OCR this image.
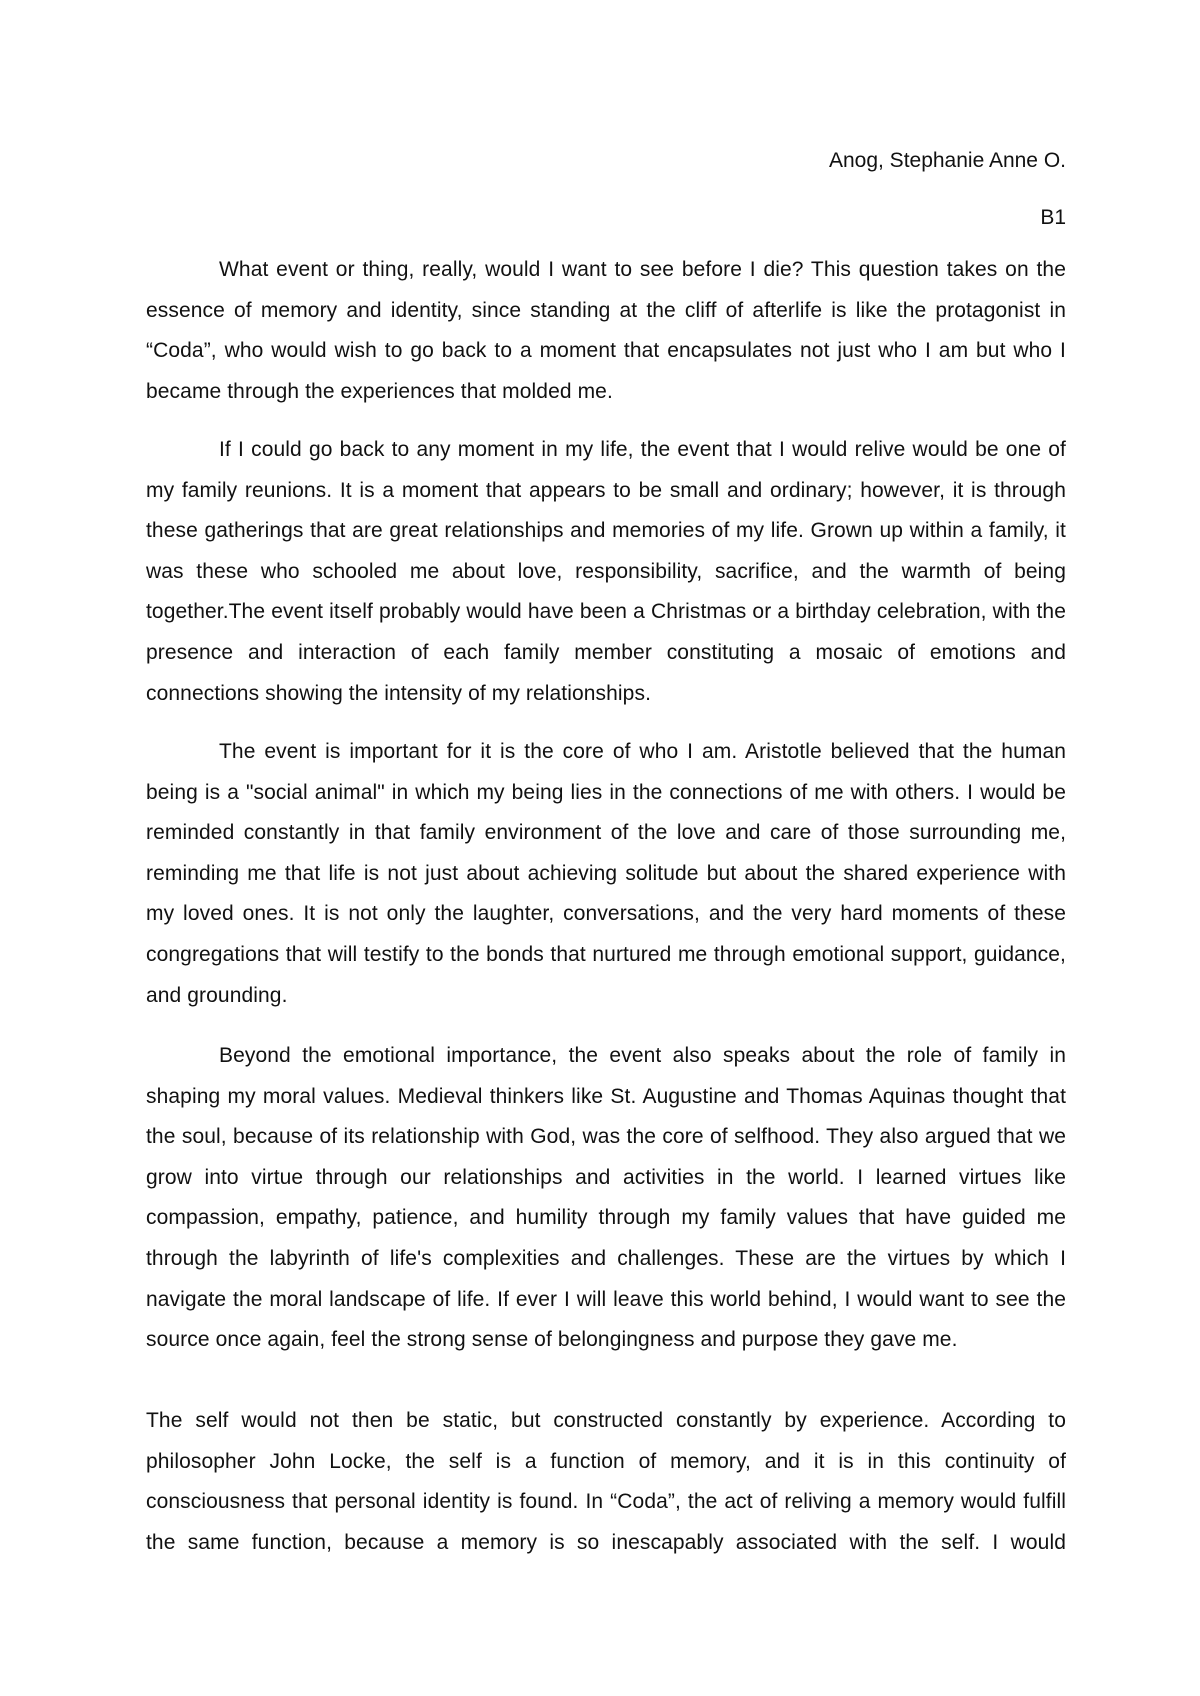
Anog, Stephanie Anne O.
B1

What event or thing, really, would I want to see before I die? This question takes on the essence of memory and identity, since standing at the cliff of afterlife is like the protagonist in “Coda”, who would wish to go back to a moment that encapsulates not just who I am but who I became through the experiences that molded me.

If I could go back to any moment in my life, the event that I would relive would be one of my family reunions. It is a moment that appears to be small and ordinary; however, it is through these gatherings that are great relationships and memories of my life. Grown up within a family, it was these who schooled me about love, responsibility, sacrifice, and the warmth of being together.The event itself probably would have been a Christmas or a birthday celebration, with the presence and interaction of each family member constituting a mosaic of emotions and connections showing the intensity of my relationships.

The event is important for it is the core of who I am. Aristotle believed that the human being is a "social animal" in which my being lies in the connections of me with others. I would be reminded constantly in that family environment of the love and care of those surrounding me, reminding me that life is not just about achieving solitude but about the shared experience with my loved ones. It is not only the laughter, conversations, and the very hard moments of these congregations that will testify to the bonds that nurtured me through emotional support, guidance, and grounding.

Beyond the emotional importance, the event also speaks about the role of family in shaping my moral values. Medieval thinkers like St. Augustine and Thomas Aquinas thought that the soul, because of its relationship with God, was the core of selfhood. They also argued that we grow into virtue through our relationships and activities in the world. I learned virtues like compassion, empathy, patience, and humility through my family values that have guided me through the labyrinth of life's complexities and challenges. These are the virtues by which I navigate the moral landscape of life. If ever I will leave this world behind, I would want to see the source once again, feel the strong sense of belongingness and purpose they gave me.

The self would not then be static, but constructed constantly by experience. According to philosopher John Locke, the self is a function of memory, and it is in this continuity of consciousness that personal identity is found. In “Coda”, the act of reliving a memory would fulfill the same function, because a memory is so inescapably associated with the self. I would
